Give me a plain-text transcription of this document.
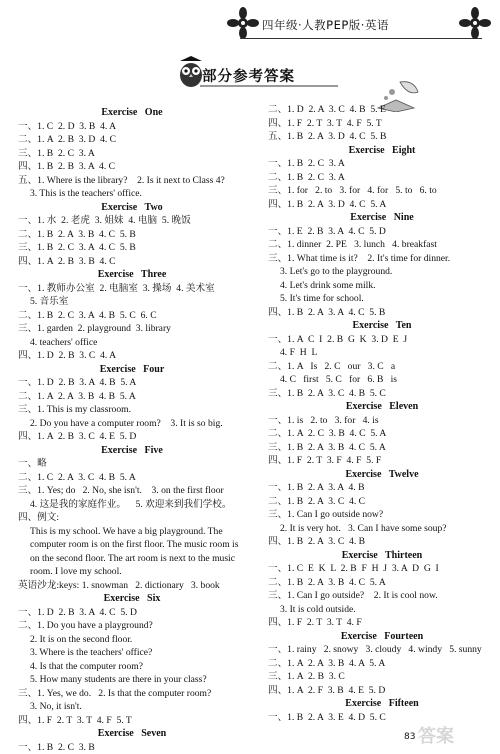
四年级·人教PEP版·英语
部分参考答案
Exercise   One
一、1. C  2. D  3. B  4. A
二、1. A  2. B  3. D  4. C
三、1. B  2. C  3. A
四、1. B  2. B  3. A  4. C
五、1. Where is the library?    2. Is it next to Class 4?
3. This is the teachers' office.
Exercise   Two
一、1. 水  2. 老虎  3. 姐妹  4. 电脑  5. 晚饭
二、1. B  2. A  3. B  4. C  5. B
三、1. B  2. C  3. A  4. C  5. B
四、1. A  2. B  3. B  4. C
Exercise   Three
一、1. 教师办公室  2. 电脑室  3. 操场  4. 美术室
5. 音乐室
二、1. B  2. C  3. A  4. B  5. C  6. C
三、1. garden  2. playground  3. library
4. teachers' office
四、1. D  2. B  3. C  4. A
Exercise   Four
一、1. D  2. B  3. A  4. B  5. A
二、1. A  2. A  3. B  4. B  5. A
三、1. This is my classroom.
2. Do you have a computer room?    3. It is so big.
四、1. A  2. B  3. C  4. E  5. D
Exercise   Five
一、略
二、1. C  2. A  3. C  4. B  5. A
三、1. Yes; do   2. No, she isn't.    3. on the first floor
4. 这是我的家庭作业。    5. 欢迎来到我们学校。
四、例文:
This is my school. We have a big playground. The computer room is on the first floor. The music room is on the second floor. The art room is next to the music room. I love my school.
英语沙龙:keys: 1. snowman   2. dictionary   3. book
Exercise   Six
一、1. D  2. B  3. A  4. C  5. D
二、1. Do you have a playground?
2. It is on the second floor.
3. Where is the teachers' office?
4. Is that the computer room?
5. How many students are there in your class?
三、1. Yes, we do.   2. Is that the computer room?
3. No, it isn't.
四、1. F  2. T  3. T  4. F  5. T
Exercise   Seven
一、1. B  2. C  3. B
二、1. D  2. A  3. C  4. B  5. E
四、1. F  2. T  3. T  4. F  5. T
五、1. B  2. A  3. D  4. C  5. B
Exercise   Eight
一、1. B  2. C  3. A
二、1. B  2. C  3. A
三、1. for   2. to   3. for   4. for   5. to   6. to
四、1. B  2. A  3. D  4. C  5. A
Exercise   Nine
一、1. E  2. B  3. A  4. C  5. D
二、1. dinner  2. PE   3. lunch   4. breakfast
三、1. What time is it?    2. It's time for dinner.
3. Let's go to the playground.
4. Let's drink some milk.
5. It's time for school.
四、1. B  2. A  3. A  4. C  5. B
Exercise   Ten
一、1. A  C  I  2. B  G  K  3. D  E  J
4. F  H  L
二、1. A   Is   2. C   our   3. C   a
4. C   first   5. C   for   6. B   is
三、1. B  2. A  3. C  4. B  5. C
Exercise   Eleven
一、1. is   2. to   3. for   4. is
二、1. A  2. C  3. B  4. C  5. A
三、1. B  2. A  3. B  4. C  5. A
四、1. F  2. T  3. F  4. F  5. F
Exercise   Twelve
一、1. B  2. A  3. A  4. B
二、1. B  2. A  3. C  4. C
三、1. Can I go outside now?
2. It is very hot.   3. Can I have some soup?
四、1. B  2. A  3. C  4. B
Exercise   Thirteen
一、1. C  E  K  L  2. B  F  H  J  3. A  D  G  I
二、1. B  2. A  3. B  4. C  5. A
三、1. Can I go outside?    2. It is cool now.
3. It is cold outside.
四、1. F  2. T  3. T  4. F
Exercise   Fourteen
一、1. rainy   2. snowy   3. cloudy   4. windy   5. sunny
二、1. A  2. A  3. B  4. A  5. A
三、1. A  2. B  3. C
四、1. A  2. F  3. B  4. E  5. D
Exercise   Fifteen
一、1. B  2. A  3. E  4. D  5. C
83 答案
